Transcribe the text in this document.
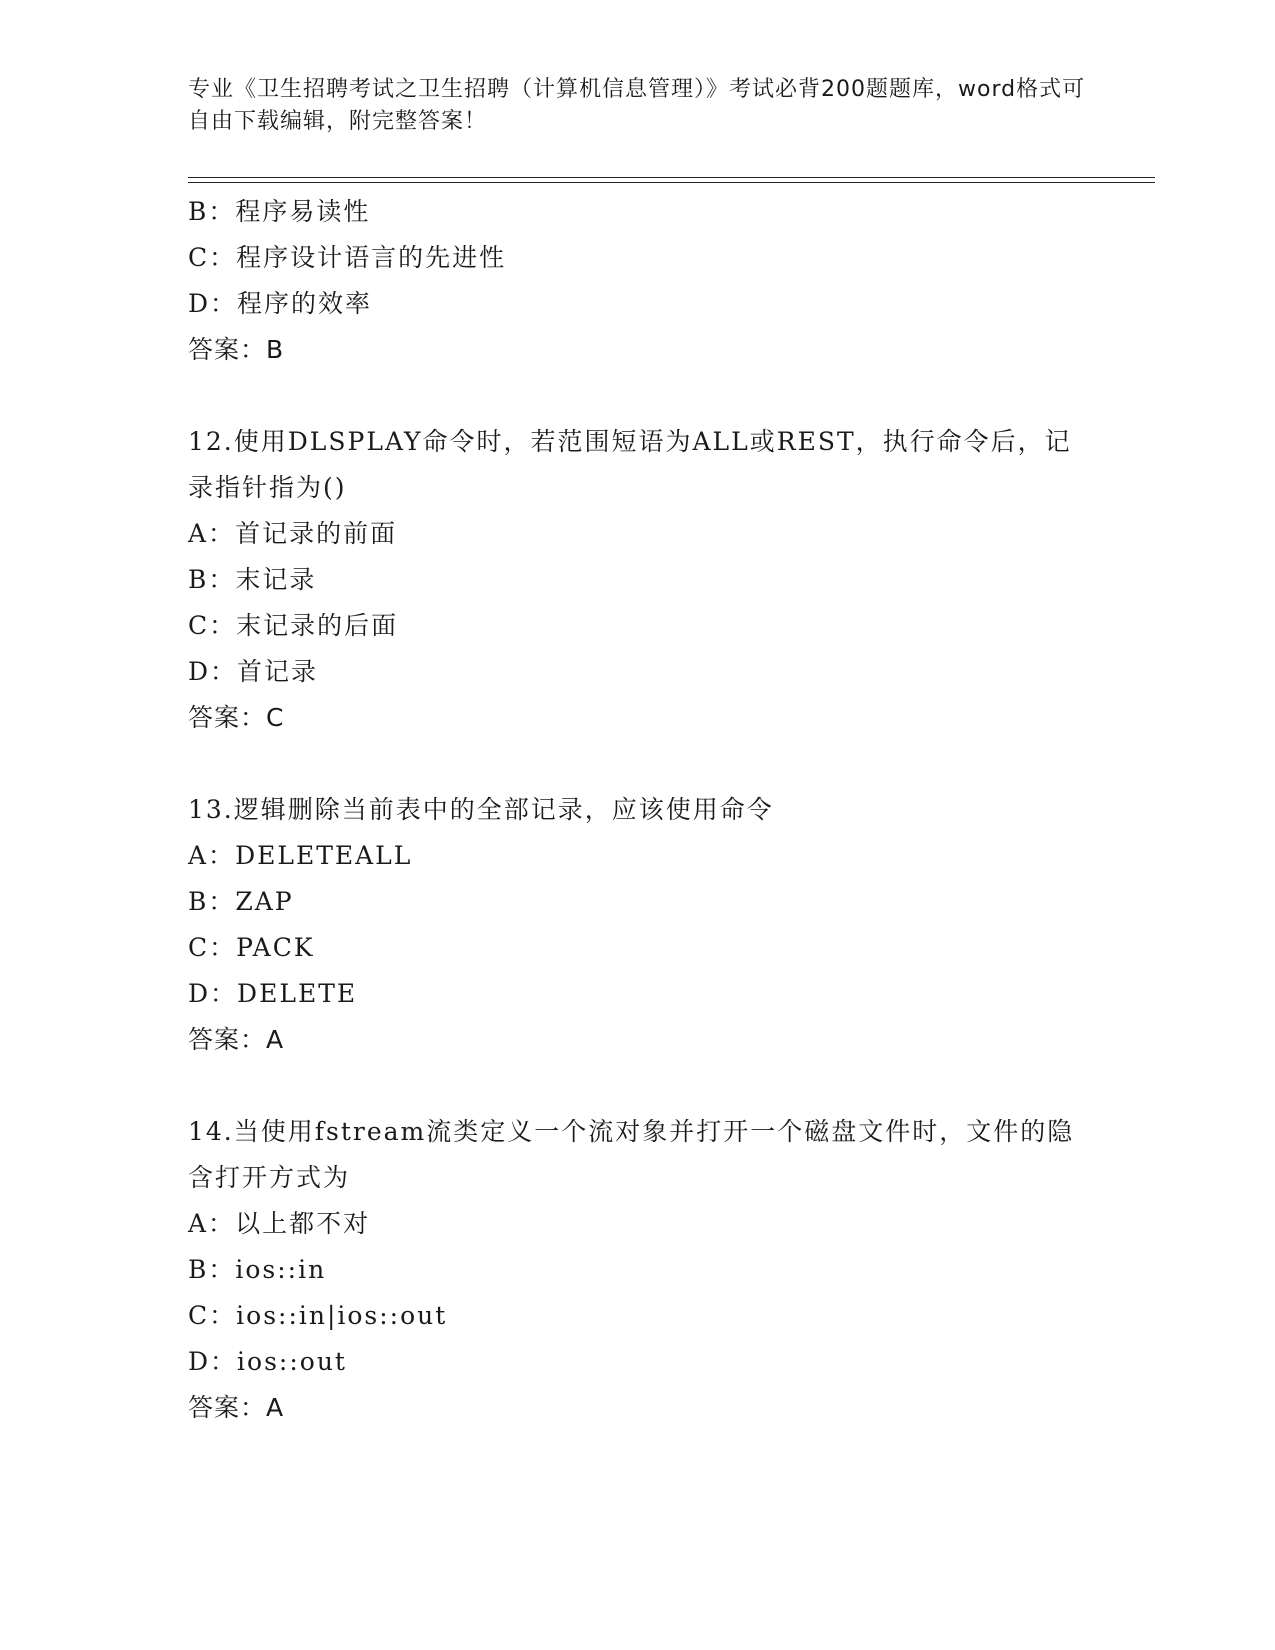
专业《卫生招聘考试之卫生招聘（计算机信息管理）》考试必背200题题库，word格式可自由下载编辑，附完整答案！
B：程序易读性
C：程序设计语言的先进性
D：程序的效率
答案：B
12.使用DLSPLAY命令时，若范围短语为ALL或REST，执行命令后，记录指针指为()
A：首记录的前面
B：末记录
C：末记录的后面
D：首记录
答案：C
13.逻辑删除当前表中的全部记录，应该使用命令
A：DELETEALL
B：ZAP
C：PACK
D：DELETE
答案：A
14.当使用fstream流类定义一个流对象并打开一个磁盘文件时，文件的隐含打开方式为
A：以上都不对
B：ios::in
C：ios::in|ios::out
D：ios::out
答案：A
